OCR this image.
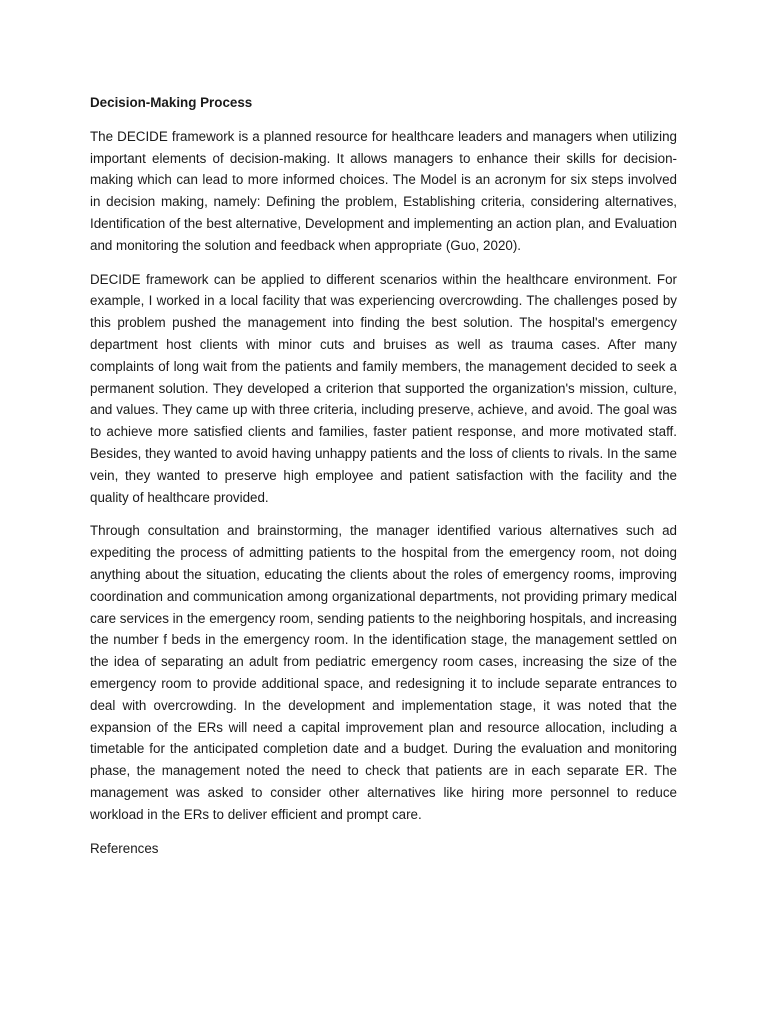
Decision-Making Process

The DECIDE framework is a planned resource for healthcare leaders and managers when utilizing important elements of decision-making. It allows managers to enhance their skills for decision-making which can lead to more informed choices. The Model is an acronym for six steps involved in decision making, namely: Defining the problem, Establishing criteria, considering alternatives, Identification of the best alternative, Development and implementing an action plan, and Evaluation and monitoring the solution and feedback when appropriate (Guo, 2020).

DECIDE framework can be applied to different scenarios within the healthcare environment. For example, I worked in a local facility that was experiencing overcrowding. The challenges posed by this problem pushed the management into finding the best solution. The hospital's emergency department host clients with minor cuts and bruises as well as trauma cases. After many complaints of long wait from the patients and family members, the management decided to seek a permanent solution. They developed a criterion that supported the organization's mission, culture, and values. They came up with three criteria, including preserve, achieve, and avoid. The goal was to achieve more satisfied clients and families, faster patient response, and more motivated staff. Besides, they wanted to avoid having unhappy patients and the loss of clients to rivals. In the same vein, they wanted to preserve high employee and patient satisfaction with the facility and the quality of healthcare provided.

Through consultation and brainstorming, the manager identified various alternatives such ad expediting the process of admitting patients to the hospital from the emergency room, not doing anything about the situation, educating the clients about the roles of emergency rooms, improving coordination and communication among organizational departments, not providing primary medical care services in the emergency room, sending patients to the neighboring hospitals, and increasing the number f beds in the emergency room. In the identification stage, the management settled on the idea of separating an adult from pediatric emergency room cases, increasing the size of the emergency room to provide additional space, and redesigning it to include separate entrances to deal with overcrowding. In the development and implementation stage, it was noted that the expansion of the ERs will need a capital improvement plan and resource allocation, including a timetable for the anticipated completion date and a budget. During the evaluation and monitoring phase, the management noted the need to check that patients are in each separate ER. The management was asked to consider other alternatives like hiring more personnel to reduce workload in the ERs to deliver efficient and prompt care.

References
